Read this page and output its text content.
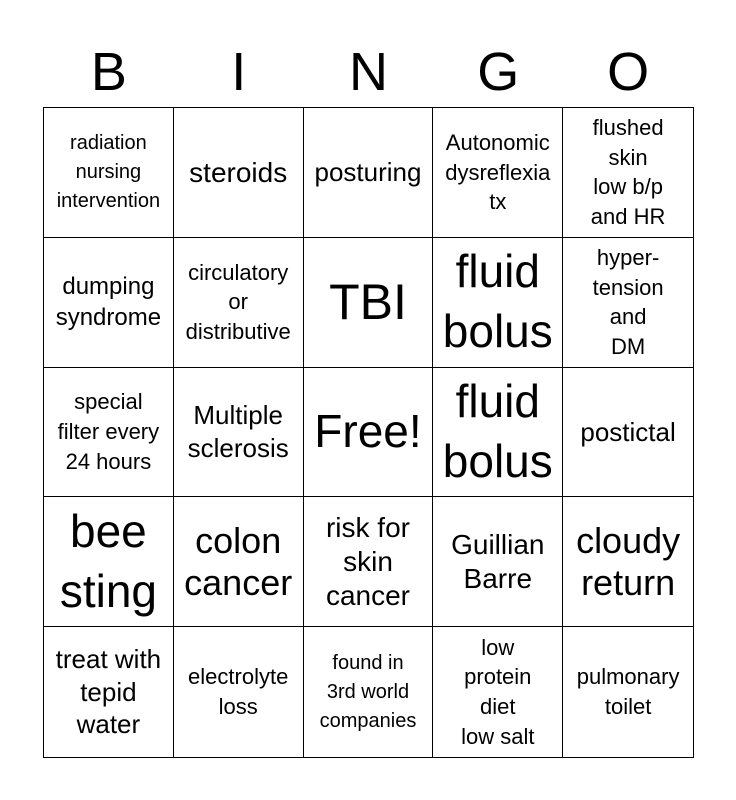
B	I	N	G	O
radiation
nursing
intervention
steroids posturing
Autonomic
dysreflexia
tx
flushed
skin
low b/p
and HR
dumping
syndrome
circulatory
or
distributive
TBI
fluid
bolus
hyper-
tension
and
DM
special
filter every
24 hours
Multiple
sclerosis Free!
fluid
bolus
postictal
bee
sting
colon
cancer
risk for
skin
cancer
Guillian
Barre
cloudy
return
treat with
tepid
water
electrolyte
loss
found in
3rd world
companies
low
protein
diet
low salt
pulmonary
toilet
